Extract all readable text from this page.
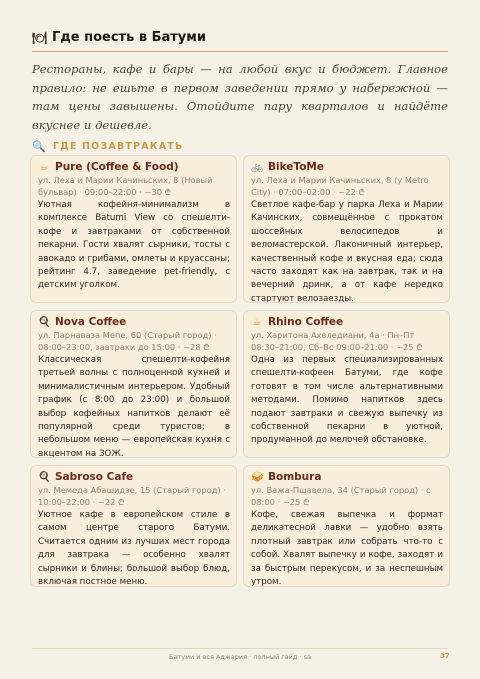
🍽 Где поесть в Батуми
Рестораны, кафе и бары — на любой вкус и бюджет. Главное правило: не ешьте в первом заведении прямо у набережной — там цены завышены. Отойдите пару кварталов и найдёте вкуснее и дешевле.
🔍 ГДЕ ПОЗАВТРАКАТЬ
☕ Pure (Coffee & Food)
ул. Леха и Марии Качиньских, 8 (Новый бульвар) · 09:00–22:00 · ~30 ₾
Уютная кофейня-минимализм в комплексе Batumi View со спешелти-кофе и завтраками от собственной пекарни. Гости хвалят сырники, тосты с авокадо и грибами, омлеты и круассаны; рейтинг 4.7, заведение pet-friendly, с детским уголком.
🚲 BikeToMe
ул. Леха и Марии Качиньских, 8 (у Metro City) · 07:00–02:00 · ~22 ₾
Светлое кафе-бар у парка Леха и Марии Качинских, совмещённое с прокатом шоссейных велосипедов и веломастерской. Лаконичный интерьер, качественный кофе и вкусная еда; сюда часто заходят как на завтрак, так и на вечерний дринк, а от кафе нередко стартуют велозаезды.
🍳 Nova Coffee
ул. Парнаваза Мепе, 60 (Старый город) · 08:00–23:00, завтраки до 15:00 · ~28 ₾
Классическая спешелти-кофейня третьей волны с полноценной кухней и минималистичным интерьером. Удобный график (с 8:00 до 23:00) и большой выбор кофейных напитков делают её популярной среди туристов; в небольшом меню — европейская кухня с акцентом на ЗОЖ.
☕ Rhino Coffee
ул. Харитона Ахвледиани, 4а · Пн–Пт 08:30–21:00, Сб–Вс 09:00–21:00 · ~25 ₾
Одна из первых специализированных спешелти-кофеен Батуми, где кофе готовят в том числе альтернативными методами. Помимо напитков здесь подают завтраки и свежую выпечку из собственной пекарни в уютной, продуманной до мелочей обстановке.
🍳 Sabroso Cafe
ул. Мемеда Абашидзе, 15 (Старый город) · 10:00–22:00 · ~22 ₾
Уютное кафе в европейском стиле в самом центре старого Батуми. Считается одним из лучших мест города для завтрака — особенно хвалят сырники и блины; большой выбор блюд, включая постное меню.
🥪 Bombura
ул. Важа-Пшавела, 34 (Старый город) · с 08:00 · ~25 ₾
Кофе, свежая выпечка и формат деликатесной лавки — удобно взять плотный завтрак или собрать что-то с собой. Хвалят выпечку и кофе, заходят и за быстрым перекусом, и за неспешным утром.
Батуми и вся Аджария · полный гайд · sa	37
